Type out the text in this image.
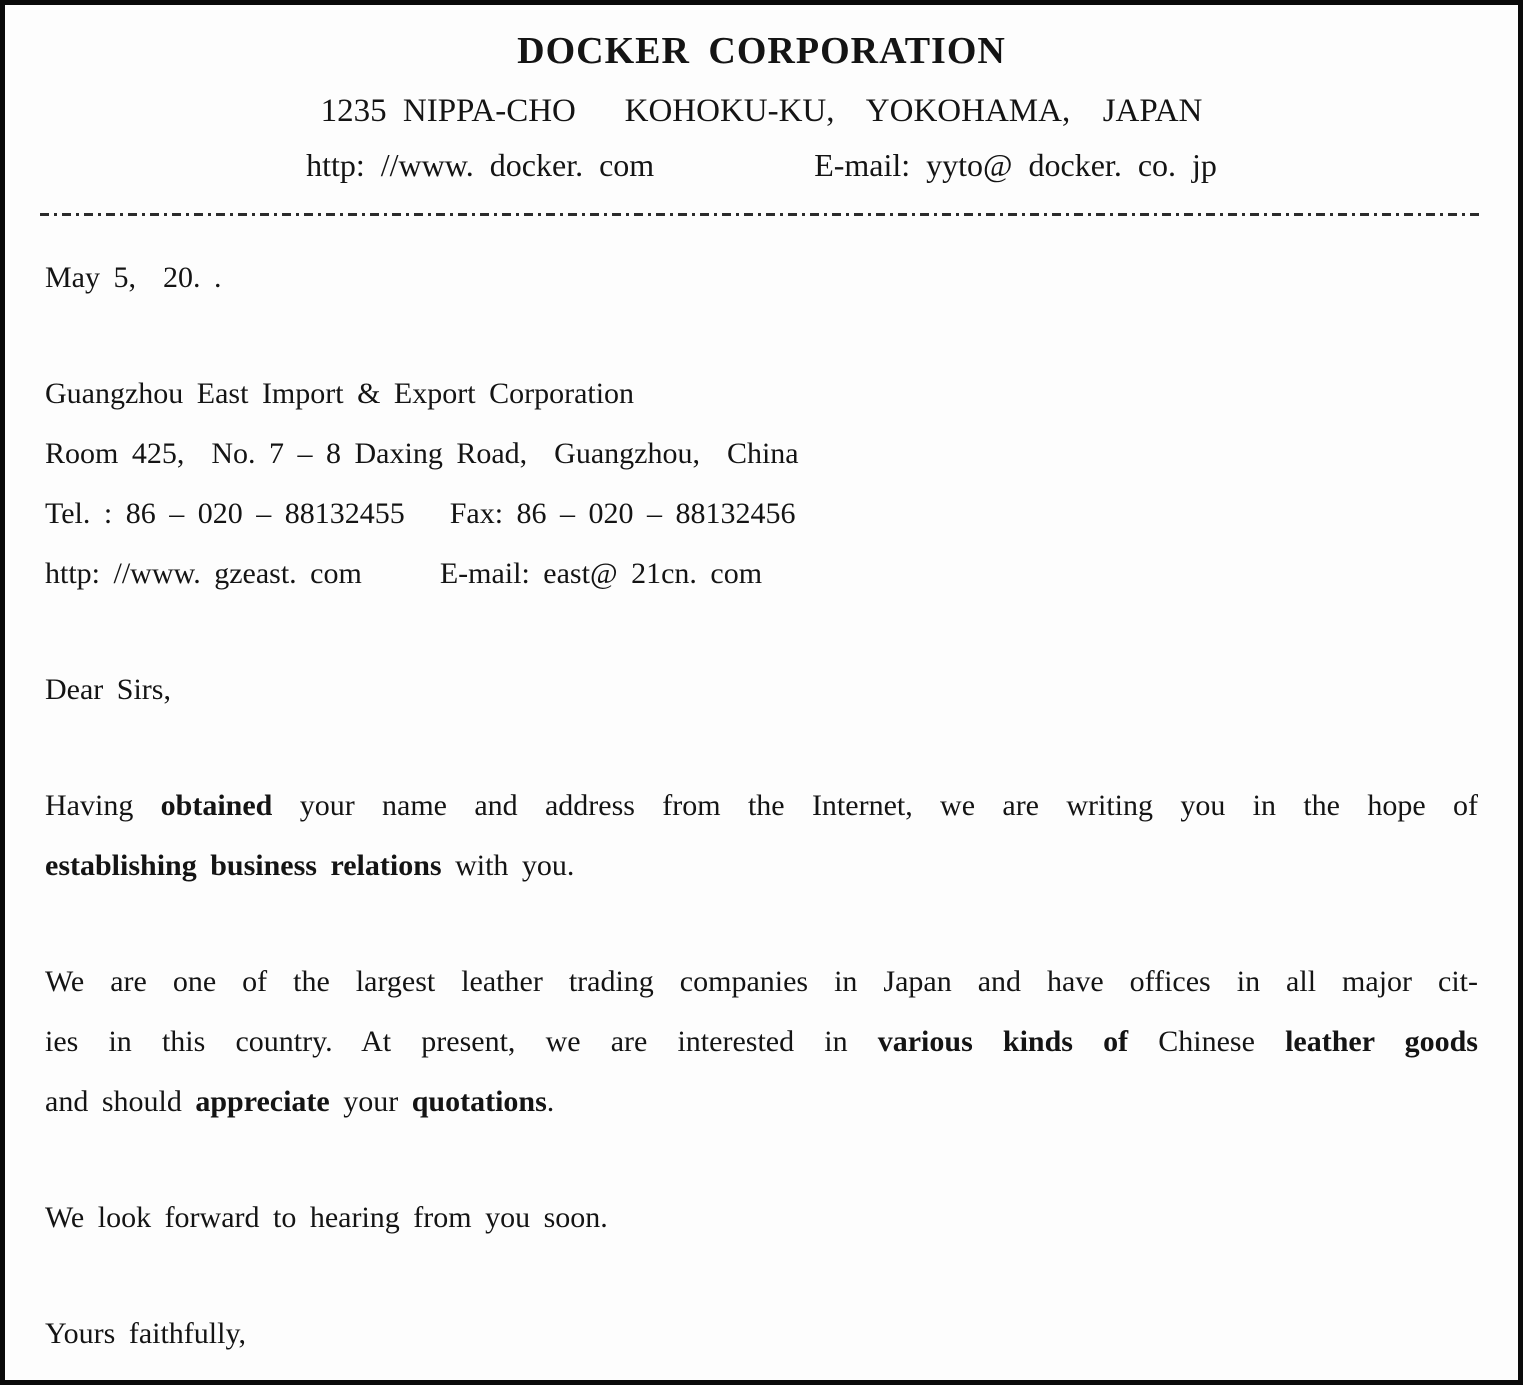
DOCKER CORPORATION
1235 NIPPA-CHO   KOHOKU-KU,  YOKOHAMA,  JAPAN
http: //www. docker. com	E-mail: yyto@ docker. co. jp
May 5,  20. .
Guangzhou East Import & Export Corporation
Room 425,  No. 7 – 8 Daxing Road,  Guangzhou,  China
Tel. : 86 – 020 – 88132455 Fax: 86 – 020 – 88132456
http: //www. gzeast. com	E-mail: east@ 21cn. com
Dear Sirs,
Having obtained your name and address from the Internet, we are writing you in the hope of
establishing business relations with you.
We are one of the largest leather trading companies in Japan and have offices in all major cit-
ies in this country. At present, we are interested in various kinds of Chinese leather goods
and should appreciate your quotations.
We look forward to hearing from you soon.
Yours faithfully,
